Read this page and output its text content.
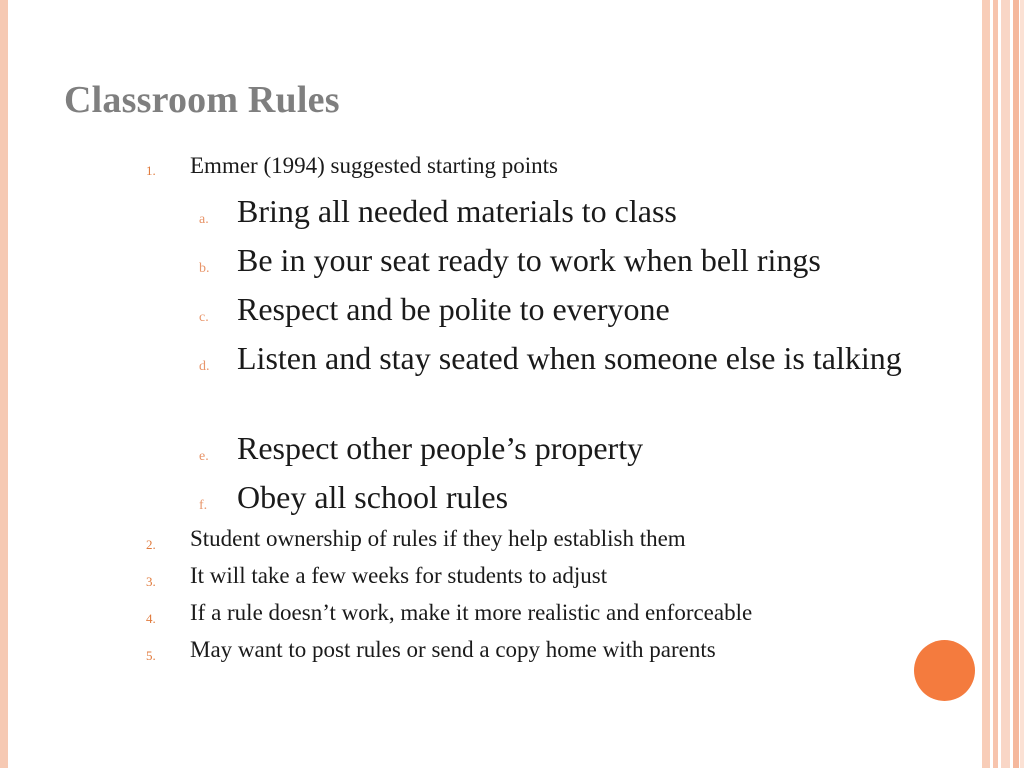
Classroom Rules
1. Emmer (1994) suggested starting points
a. Bring all needed materials to class
b. Be in your seat ready to work when bell rings
c. Respect and be polite to everyone
d. Listen and stay seated when someone else is talking
e. Respect other people’s property
f. Obey all school rules
2. Student ownership of rules if they help establish them
3. It will take a few weeks for students to adjust
4. If a rule doesn’t work, make it more realistic and enforceable
5. May want to post rules or send a copy home with parents
